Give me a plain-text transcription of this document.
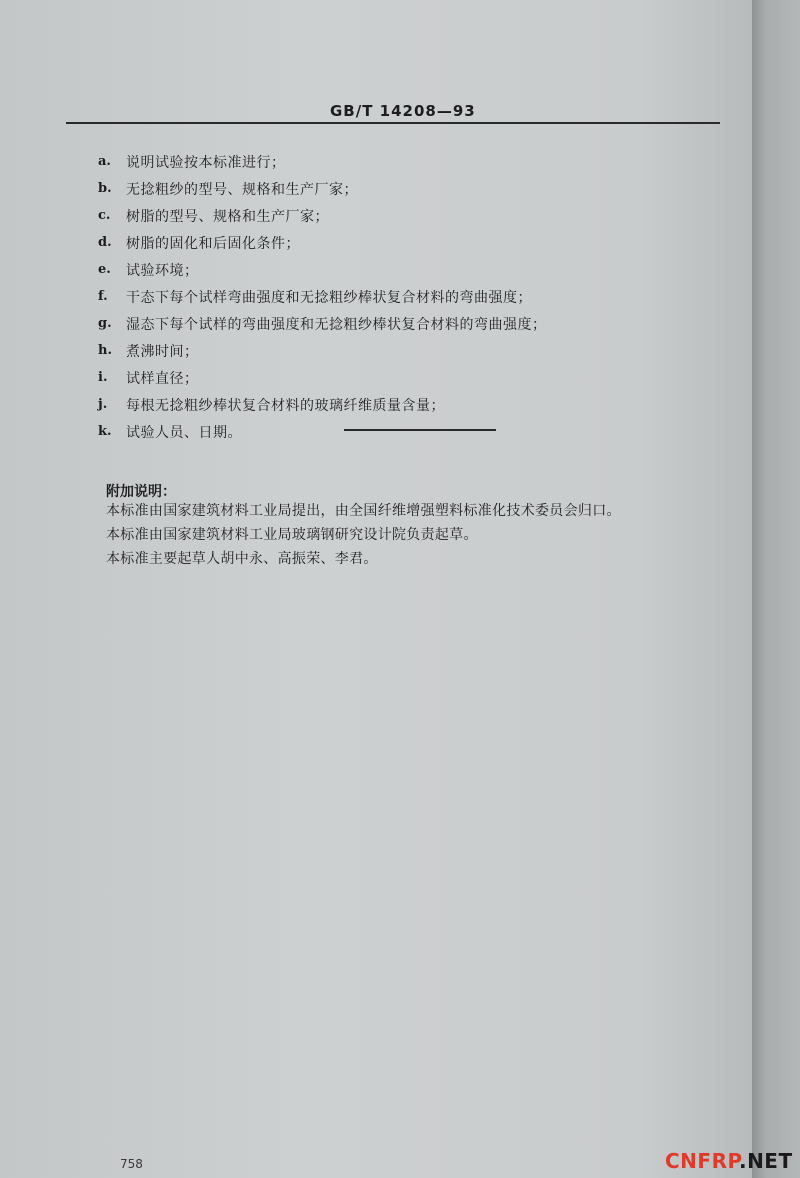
GB/T 14208—93
a.	说明试验按本标准进行；
b.	无捻粗纱的型号、规格和生产厂家；
c.	树脂的型号、规格和生产厂家；
d.	树脂的固化和后固化条件；
e.	试验环境；
f.	干态下每个试样弯曲强度和无捻粗纱棒状复合材料的弯曲强度；
g.	湿态下每个试样的弯曲强度和无捻粗纱棒状复合材料的弯曲强度；
h.	煮沸时间；
i.	试样直径；
j.	每根无捻粗纱棒状复合材料的玻璃纤维质量含量；
k.	试验人员、日期。
附加说明：
本标准由国家建筑材料工业局提出，由全国纤维增强塑料标准化技术委员会归口。
本标准由国家建筑材料工业局玻璃钢研究设计院负责起草。
本标准主要起草人胡中永、高振荣、李君。
758	CNFRP.NET
